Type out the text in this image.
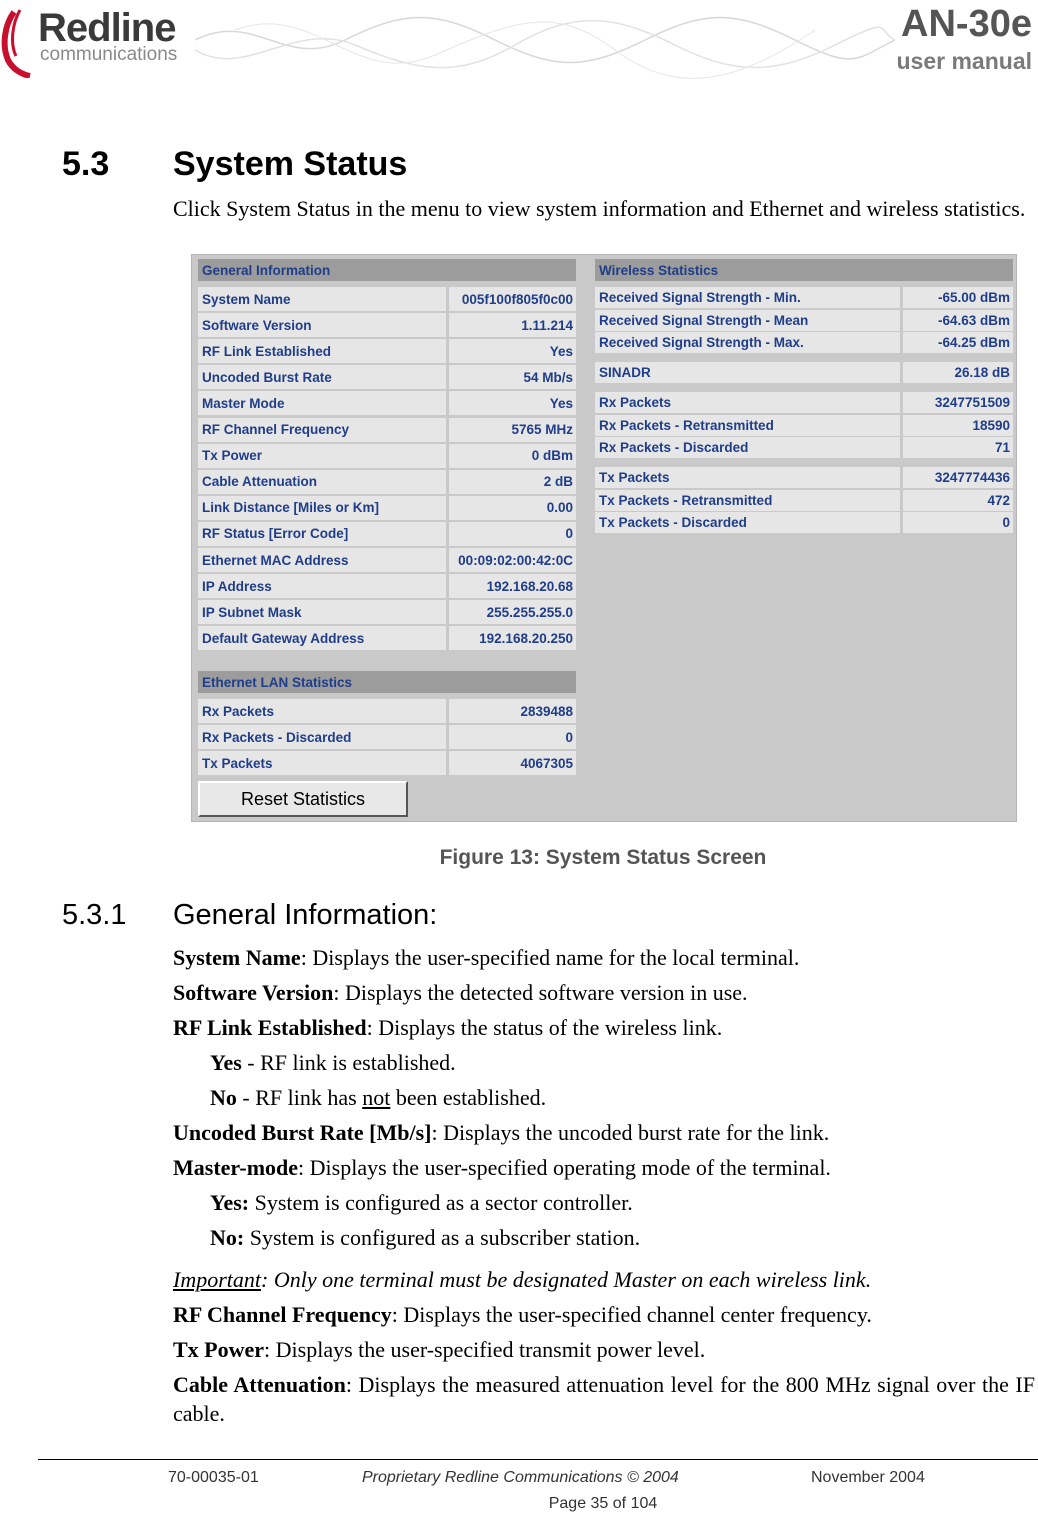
Redline
communications
AN-30e
user manual
5.3 System Status

Click System Status in the menu to view system information and Ethernet and wireless statistics.

General Information
System Name	005f100f805f0c00
Software Version	1.11.214
RF Link Established	Yes
Uncoded Burst Rate	54 Mb/s
Master Mode	Yes
RF Channel Frequency	5765 MHz
Tx Power	0 dBm
Cable Attenuation	2 dB
Link Distance [Miles or Km]	0.00
RF Status [Error Code]	0
Ethernet MAC Address	00:09:02:00:42:0C
IP Address	192.168.20.68
IP Subnet Mask	255.255.255.0
Default Gateway Address	192.168.20.250
Ethernet LAN Statistics
Rx Packets	2839488
Rx Packets - Discarded	0
Tx Packets	4067305
Wireless Statistics
Received Signal Strength - Min.	-65.00 dBm
Received Signal Strength - Mean	-64.63 dBm
Received Signal Strength - Max.	-64.25 dBm
SINADR	26.18 dB
Rx Packets	3247751509
Rx Packets - Retransmitted	18590
Rx Packets - Discarded	71
Tx Packets	3247774436
Tx Packets - Retransmitted	472
Tx Packets - Discarded	0
Reset Statistics
Figure 13: System Status Screen
5.3.1 General Information:

System Name: Displays the user-specified name for the local terminal.

Software Version: Displays the detected software version in use.

RF Link Established: Displays the status of the wireless link.

Yes - RF link is established.

No - RF link has not been established.

Uncoded Burst Rate [Mb/s]: Displays the uncoded burst rate for the link.

Master-mode: Displays the user-specified operating mode of the terminal.

Yes: System is configured as a sector controller.

No: System is configured as a subscriber station.

Important: Only one terminal must be designated Master on each wireless link.

RF Channel Frequency: Displays the user-specified channel center frequency.

Tx Power: Displays the user-specified transmit power level.

Cable Attenuation: Displays the measured attenuation level for the 800 MHz signal over the IF cable.

70-00035-01	Proprietary Redline Communications © 2004	November 2004
Page 35 of 104
